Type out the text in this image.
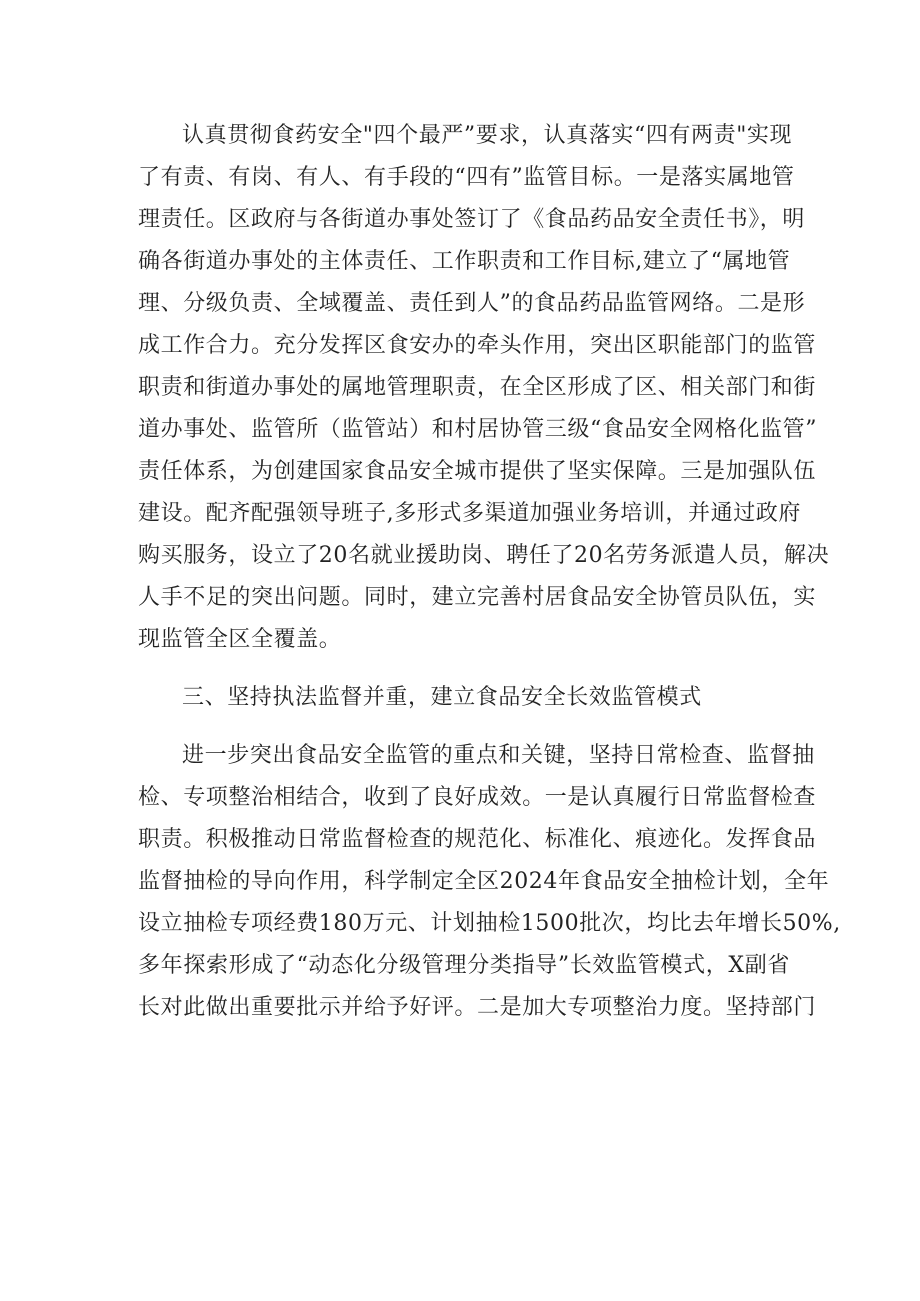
认真贯彻食药安全"四个最严”要求，认真落实“四有两责"实现
了有责、有岗、有人、有手段的“四有”监管目标。一是落实属地管
理责任。区政府与各街道办事处签订了《食品药品安全责任书》，明
确各街道办事处的主体责任、工作职责和工作目标,建立了“属地管
理、分级负责、全域覆盖、责任到人”的食品药品监管网络。二是形
成工作合力。充分发挥区食安办的牵头作用，突出区职能部门的监管
职责和街道办事处的属地管理职责，在全区形成了区、相关部门和街
道办事处、监管所（监管站）和村居协管三级“食品安全网格化监管”
责任体系，为创建国家食品安全城市提供了坚实保障。三是加强队伍
建设。配齐配强领导班子,多形式多渠道加强业务培训，并通过政府
购买服务，设立了20名就业援助岗、聘任了20名劳务派遣人员，解决
人手不足的突出问题。同时，建立完善村居食品安全协管员队伍，实
现监管全区全覆盖。
三、坚持执法监督并重，建立食品安全长效监管模式
进一步突出食品安全监管的重点和关键，坚持日常检查、监督抽
检、专项整治相结合，收到了良好成效。一是认真履行日常监督检查
职责。积极推动日常监督检查的规范化、标准化、痕迹化。发挥食品
监督抽检的导向作用，科学制定全区2024年食品安全抽检计划，全年
设立抽检专项经费180万元、计划抽检1500批次，均比去年增长50%,
多年探索形成了“动态化分级管理分类指导”长效监管模式，X副省
长对此做出重要批示并给予好评。二是加大专项整治力度。坚持部门
